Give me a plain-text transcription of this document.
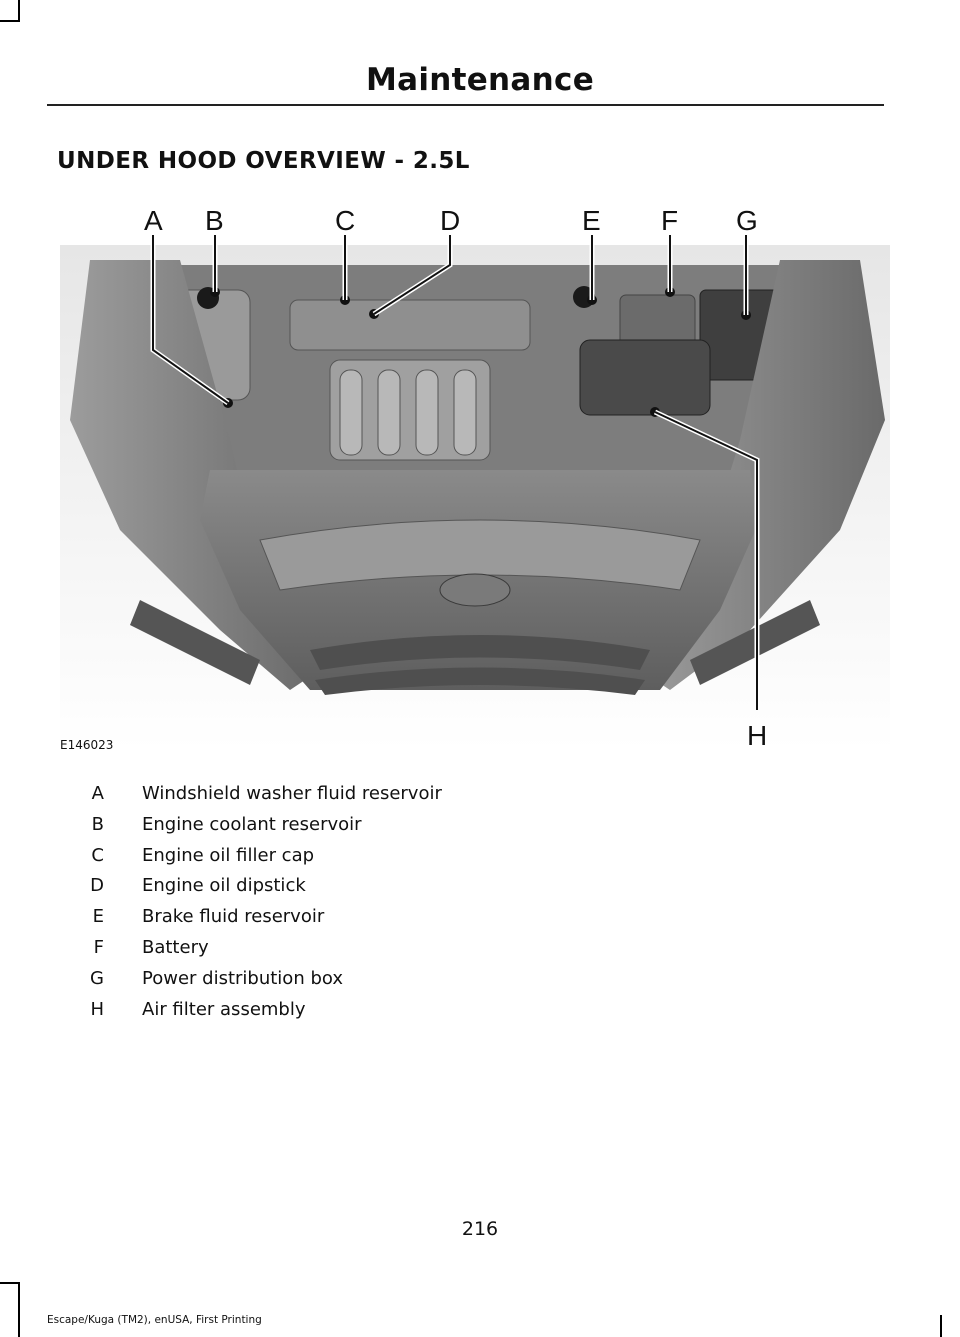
Maintenance
UNDER HOOD OVERVIEW - 2.5L
A B	C	D	E F G
H
E146023
A Windshield washer fluid reservoir
B Engine coolant reservoir
C Engine oil filler cap
D Engine oil dipstick
E Brake fluid reservoir
F Battery
G Power distribution box
H Air filter assembly
216
Escape/Kuga (TM2), enUSA, First Printing
